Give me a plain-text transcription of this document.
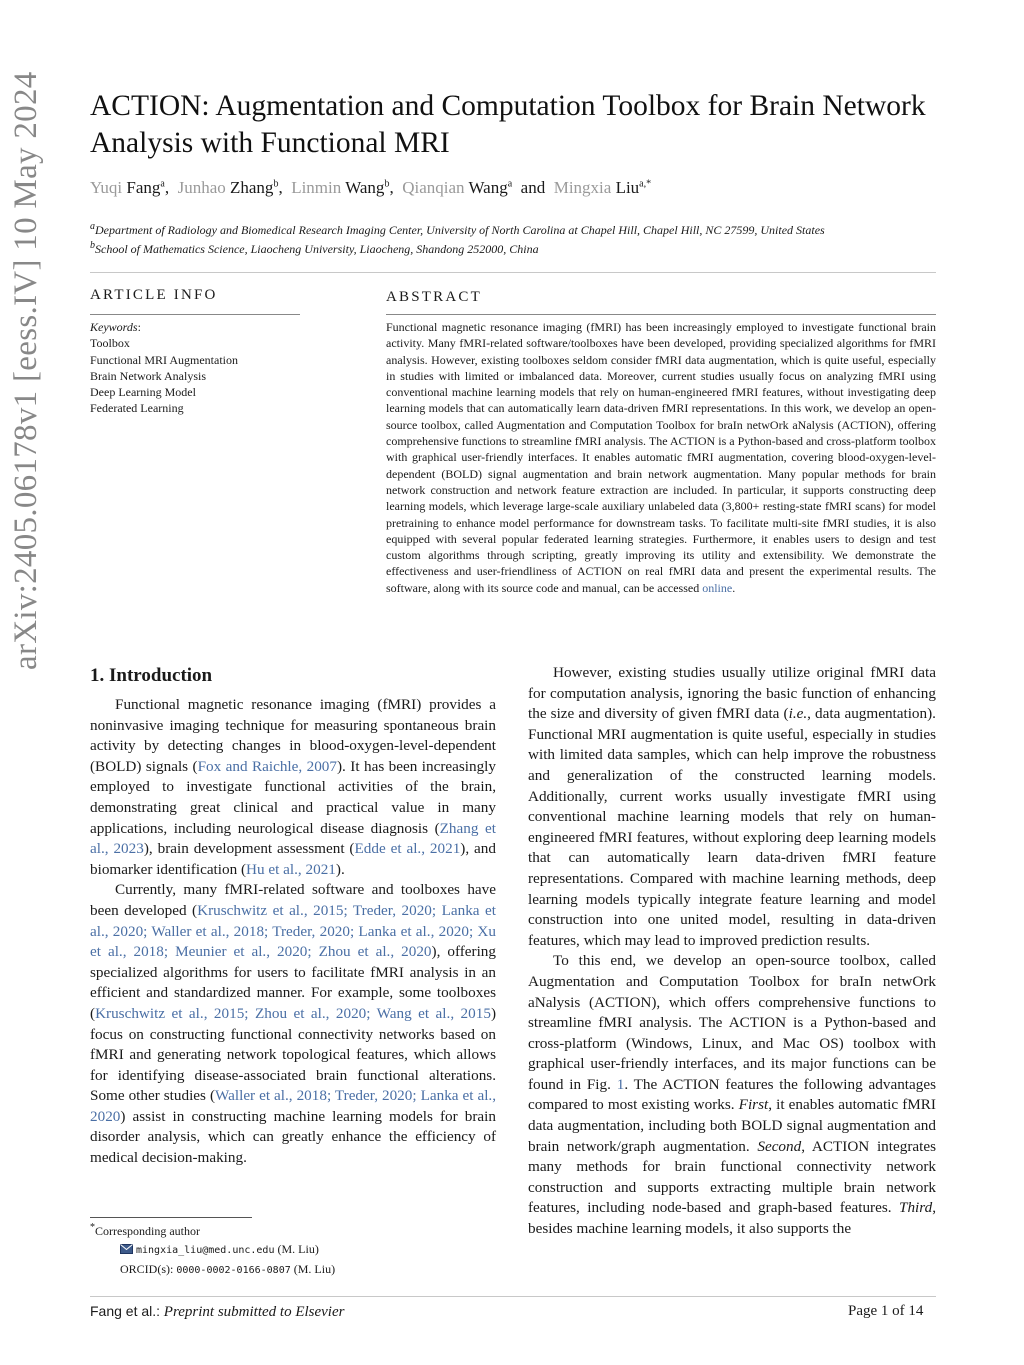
arXiv:2405.06178v1 [eess.IV] 10 May 2024 ACTION: Augmentation and Computation Toolbox for Brain Network Analysis with Functional MRI
Yuqi Fang$^a$,  Junhao Zhang$^b$,  Linmin Wang$^b$,  Qianqian Wang$^a$ and Mingxia Liu$^{a,*}$
$^a$Department of Radiology and Biomedical Research Imaging Center, University of North Carolina at Chapel Hill, Chapel Hill, NC 27599, United States
$^b$School of Mathematics Science, Liaocheng University, Liaocheng, Shandong 252000, China
ARTICLE INFO
Keywords:
Toolbox
Functional MRI Augmentation
Brain Network Analysis
Deep Learning Model
Federated Learning
ABSTRACT
Functional magnetic resonance imaging (fMRI) has been increasingly employed to investigate functional brain activity. Many fMRI-related software/toolboxes have been developed, providing specialized algorithms for fMRI analysis. However, existing toolboxes seldom consider fMRI data augmentation, which is quite useful, especially in studies with limited or imbalanced data. Moreover, current studies usually focus on analyzing fMRI using conventional machine learning models that rely on human-engineered fMRI features, without investigating deep learning models that can automatically learn data-driven fMRI representations. In this work, we develop an open-source toolbox, called Augmentation and Computation Toolbox for braIn netwOrk aNalysis (ACTION), offering comprehensive functions to streamline fMRI analysis. The ACTION is a Python-based and cross-platform toolbox with graphical user-friendly interfaces. It enables automatic fMRI augmentation, covering blood-oxygen-level-dependent (BOLD) signal augmentation and brain network augmentation. Many popular methods for brain network construction and network feature extraction are included. In particular, it supports constructing deep learning models, which leverage large-scale auxiliary unlabeled data (3,800+ resting-state fMRI scans) for model pretraining to enhance model performance for downstream tasks. To facilitate multi-site fMRI studies, it is also equipped with several popular federated learning strategies. Furthermore, it enables users to design and test custom algorithms through scripting, greatly improving its utility and extensibility. We demonstrate the effectiveness and user-friendliness of ACTION on real fMRI data and present the experimental results. The software, along with its source code and manual, can be accessed online.
1. Introduction

Functional magnetic resonance imaging (fMRI) provides a noninvasive imaging technique for measuring spontaneous brain activity by detecting changes in blood-oxygen-level-dependent (BOLD) signals (Fox and Raichle, 2007). It has been increasingly employed to investigate functional activities of the brain, demonstrating great clinical and practical value in many applications, including neurological disease diagnosis (Zhang et al., 2023), brain development assessment (Edde et al., 2021), and biomarker identification (Hu et al., 2021).

Currently, many fMRI-related software and toolboxes have been developed (Kruschwitz et al., 2015; Treder, 2020; Lanka et al., 2020; Waller et al., 2018; Treder, 2020; Lanka et al., 2020; Xu et al., 2018; Meunier et al., 2020; Zhou et al., 2020), offering specialized algorithms for users to facilitate fMRI analysis in an efficient and standardized manner. For example, some toolboxes (Kruschwitz et al., 2015; Zhou et al., 2020; Wang et al., 2015) focus on constructing functional connectivity networks based on fMRI and generating network topological features, which allows for identifying disease-associated brain functional alterations. Some other studies (Waller et al., 2018; Treder, 2020; Lanka et al., 2020) assist in constructing machine learning models for brain disorder analysis, which can greatly enhance the efficiency of medical decision-making.

However, existing studies usually utilize original fMRI data for computation analysis, ignoring the basic function of enhancing the size and diversity of given fMRI data (i.e., data augmentation). Functional MRI augmentation is quite useful, especially in studies with limited data samples, which can help improve the robustness and generalization of the constructed learning models. Additionally, current works usually investigate fMRI using conventional machine learning models that rely on human-engineered fMRI features, without exploring deep learning models that can automatically learn data-driven fMRI feature representations. Compared with machine learning methods, deep learning models typically integrate feature learning and model construction into one united model, resulting in data-driven features, which may lead to improved prediction results.

To this end, we develop an open-source toolbox, called Augmentation and Computation Toolbox for braIn netwOrk aNalysis (ACTION), which offers comprehensive functions to streamline fMRI analysis. The ACTION is a Python-based and cross-platform (Windows, Linux, and Mac OS) toolbox with graphical user-friendly interfaces, and its major functions can be found in Fig. 1. The ACTION features the following advantages compared to most existing works. First, it enables automatic fMRI data augmentation, including both BOLD signal augmentation and brain network/graph augmentation. Second, ACTION integrates many methods for brain functional connectivity network construction and supports extracting multiple brain network features, including node-based and graph-based features. Third, besides machine learning models, it also supports the

*Corresponding author
mingxia_liu@med.unc.edu (M. Liu)
ORCID(s): 0000-0002-0166-0807 (M. Liu)
Fang et al.: Preprint submitted to Elsevier	Page 1 of 14
